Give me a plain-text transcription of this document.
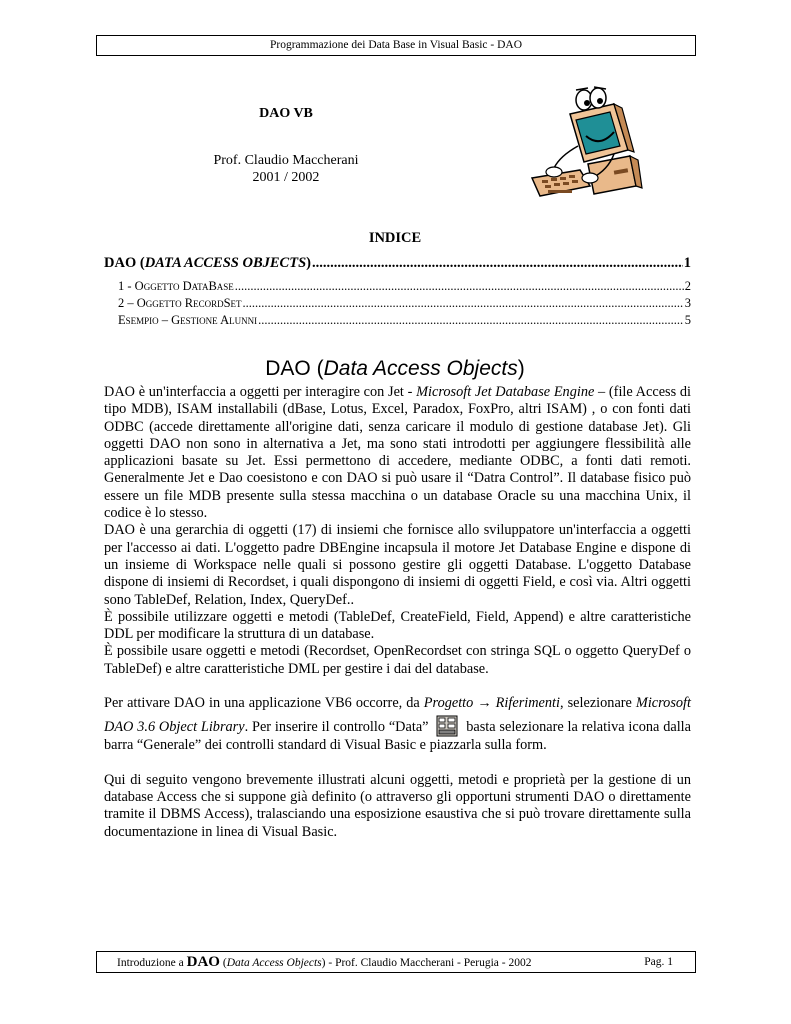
Programmazione dei Data Base in Visual Basic - DAO
DAO VB
Prof. Claudio Maccherani
2001 / 2002
INDICE
DAO (DATA ACCESS OBJECTS) .....	1
1 - Oggetto DataBase .....	2
2 – Oggetto RecordSet .....	3
Esempio – Gestione Alunni .....	5
DAO (Data Access Objects)

DAO è un'interfaccia a oggetti per interagire con Jet - Microsoft Jet Database Engine – (file Access di tipo MDB), ISAM installabili (dBase, Lotus, Excel, Paradox, FoxPro, altri ISAM) , o con fonti dati ODBC (accede direttamente all'origine dati, senza caricare il modulo di gestione database Jet). Gli oggetti DAO non sono in alternativa a Jet, ma sono stati introdotti per aggiungere flessibilità alle applicazioni basate su Jet. Essi permettono di accedere, mediante ODBC, a fonti dati remoti. Generalmente Jet e Dao coesistono e con DAO si può usare il “Datra Control”. Il database fisico può essere un file MDB presente sulla stessa macchina o un database Oracle su una macchina Unix, il codice è lo stesso.

DAO è una gerarchia di oggetti (17) di insiemi che fornisce allo sviluppatore un'interfaccia a oggetti per l'accesso ai dati. L'oggetto padre DBEngine incapsula il motore Jet Database Engine e dispone di un insieme di Workspace nelle quali si possono gestire gli oggetti Database. L'oggetto Database dispone di insiemi di Recordset, i quali dispongono di insiemi di oggetti Field, e così via. Altri oggetti sono TableDef, Relation, Index, QueryDef..

È possibile utilizzare oggetti e metodi (TableDef, CreateField, Field, Append) e altre caratteristiche DDL per modificare la struttura di un database.

È possibile usare oggetti e metodi (Recordset, OpenRecordset con stringa SQL o oggetto QueryDef o TableDef) e altre caratteristiche DML per gestire i dai del database.

Per attivare DAO in una applicazione VB6 occorre, da Progetto → Riferimenti, selezionare Microsoft DAO 3.6 Object Library. Per inserire il controllo “Data”	basta selezionare la relativa icona dalla barra “Generale” dei controlli standard di Visual Basic e piazzarla sulla form.

Qui di seguito vengono brevemente illustrati alcuni oggetti, metodi e proprietà per la gestione di un database Access che si suppone già definito (o attraverso gli opportuni strumenti DAO o direttamente tramite il DBMS Access), tralasciando una esposizione esaustiva che si può trovare direttamente sulla documentazione in linea di Visual Basic.

Introduzione a DAO (Data Access Objects) - Prof. Claudio Maccherani - Perugia - 2002	Pag. 1
